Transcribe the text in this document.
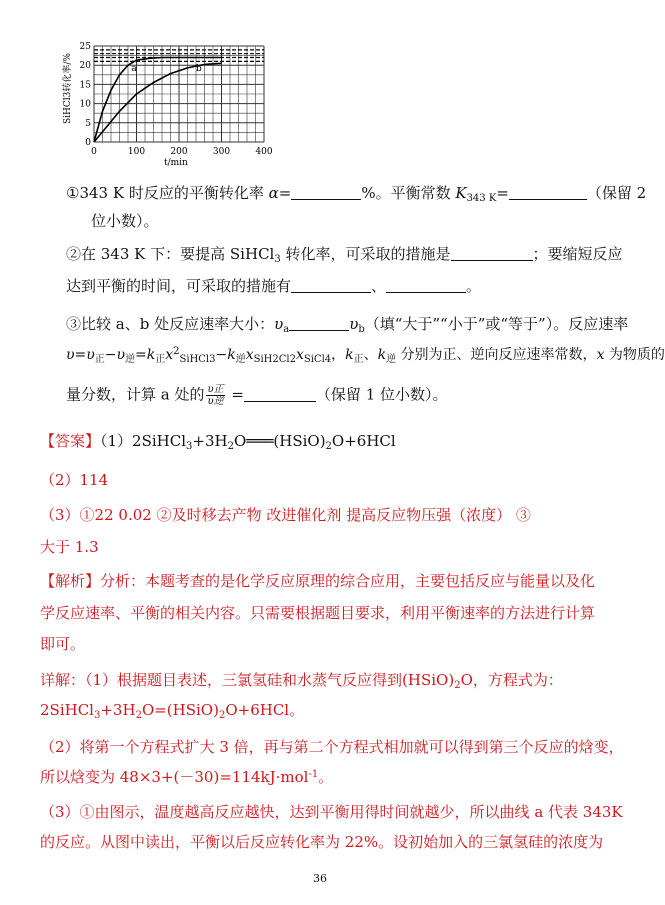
a	b
0	100	200	300	400
0
5
10
15
20
25
SiHCl3转化率/%
t/min
①343 K 时反应的平衡转化率 α=	%。平衡常数 $K_{343 K}=$	（保留 2
位小数）。
②在 343 K 下：要提高 SiHCl$_3$ 转化率，可采取的措施是	；要缩短反应
达到平衡的时间，可采取的措施有	、	。
③比较 a、b 处反应速率大小：$\upsilon_a$	$\upsilon_b$（填“大于”“小于”或“等于”）。反应速率
$\upsilon=\upsilon_正-\upsilon_逆=k_正x^2_{SiHCl3}-k_逆x_{SiH2Cl2}x_{SiCl4}$，$k_正$、$k_逆$ 分别为正、逆向反应速率常数，x 为物质的
量分数，计算 a 处的 $\frac{\text{υ正}}{\text{υ逆}}$ =	（保留 1 位小数）。
【答案】$(1)2SiHCl_3+3H_2O═══(HSiO)_2O+6HCl$
（2）114
（3）①22 0.02 ②及时移去产物 改进催化剂 提高反应物压强（浓度） ③
大于 1.3
【解析】分析：本题考查的是化学反应原理的综合应用，主要包括反应与能量以及化
学反应速率、平衡的相关内容。只需要根据题目要求，利用平衡速率的方法进行计算
即可。
详解：（1）根据题目表述，三氯氢硅和水蒸气反应得到$(HSiO)_2O$，方程式为：
$2SiHCl_3+3H_2O=(HSiO)_2O+6HCl$。
（2）将第一个方程式扩大 3 倍，再与第二个方程式相加就可以得到第三个反应的焓变，
所以焓变为 48×3+(－30)=114kJ·mol$^{-1}$。
（3）①由图示，温度越高反应越快，达到平衡用得时间就越少，所以曲线 a 代表 343K
的反应。从图中读出，平衡以后反应转化率为 22%。设初始加入的三氯氢硅的浓度为
36
